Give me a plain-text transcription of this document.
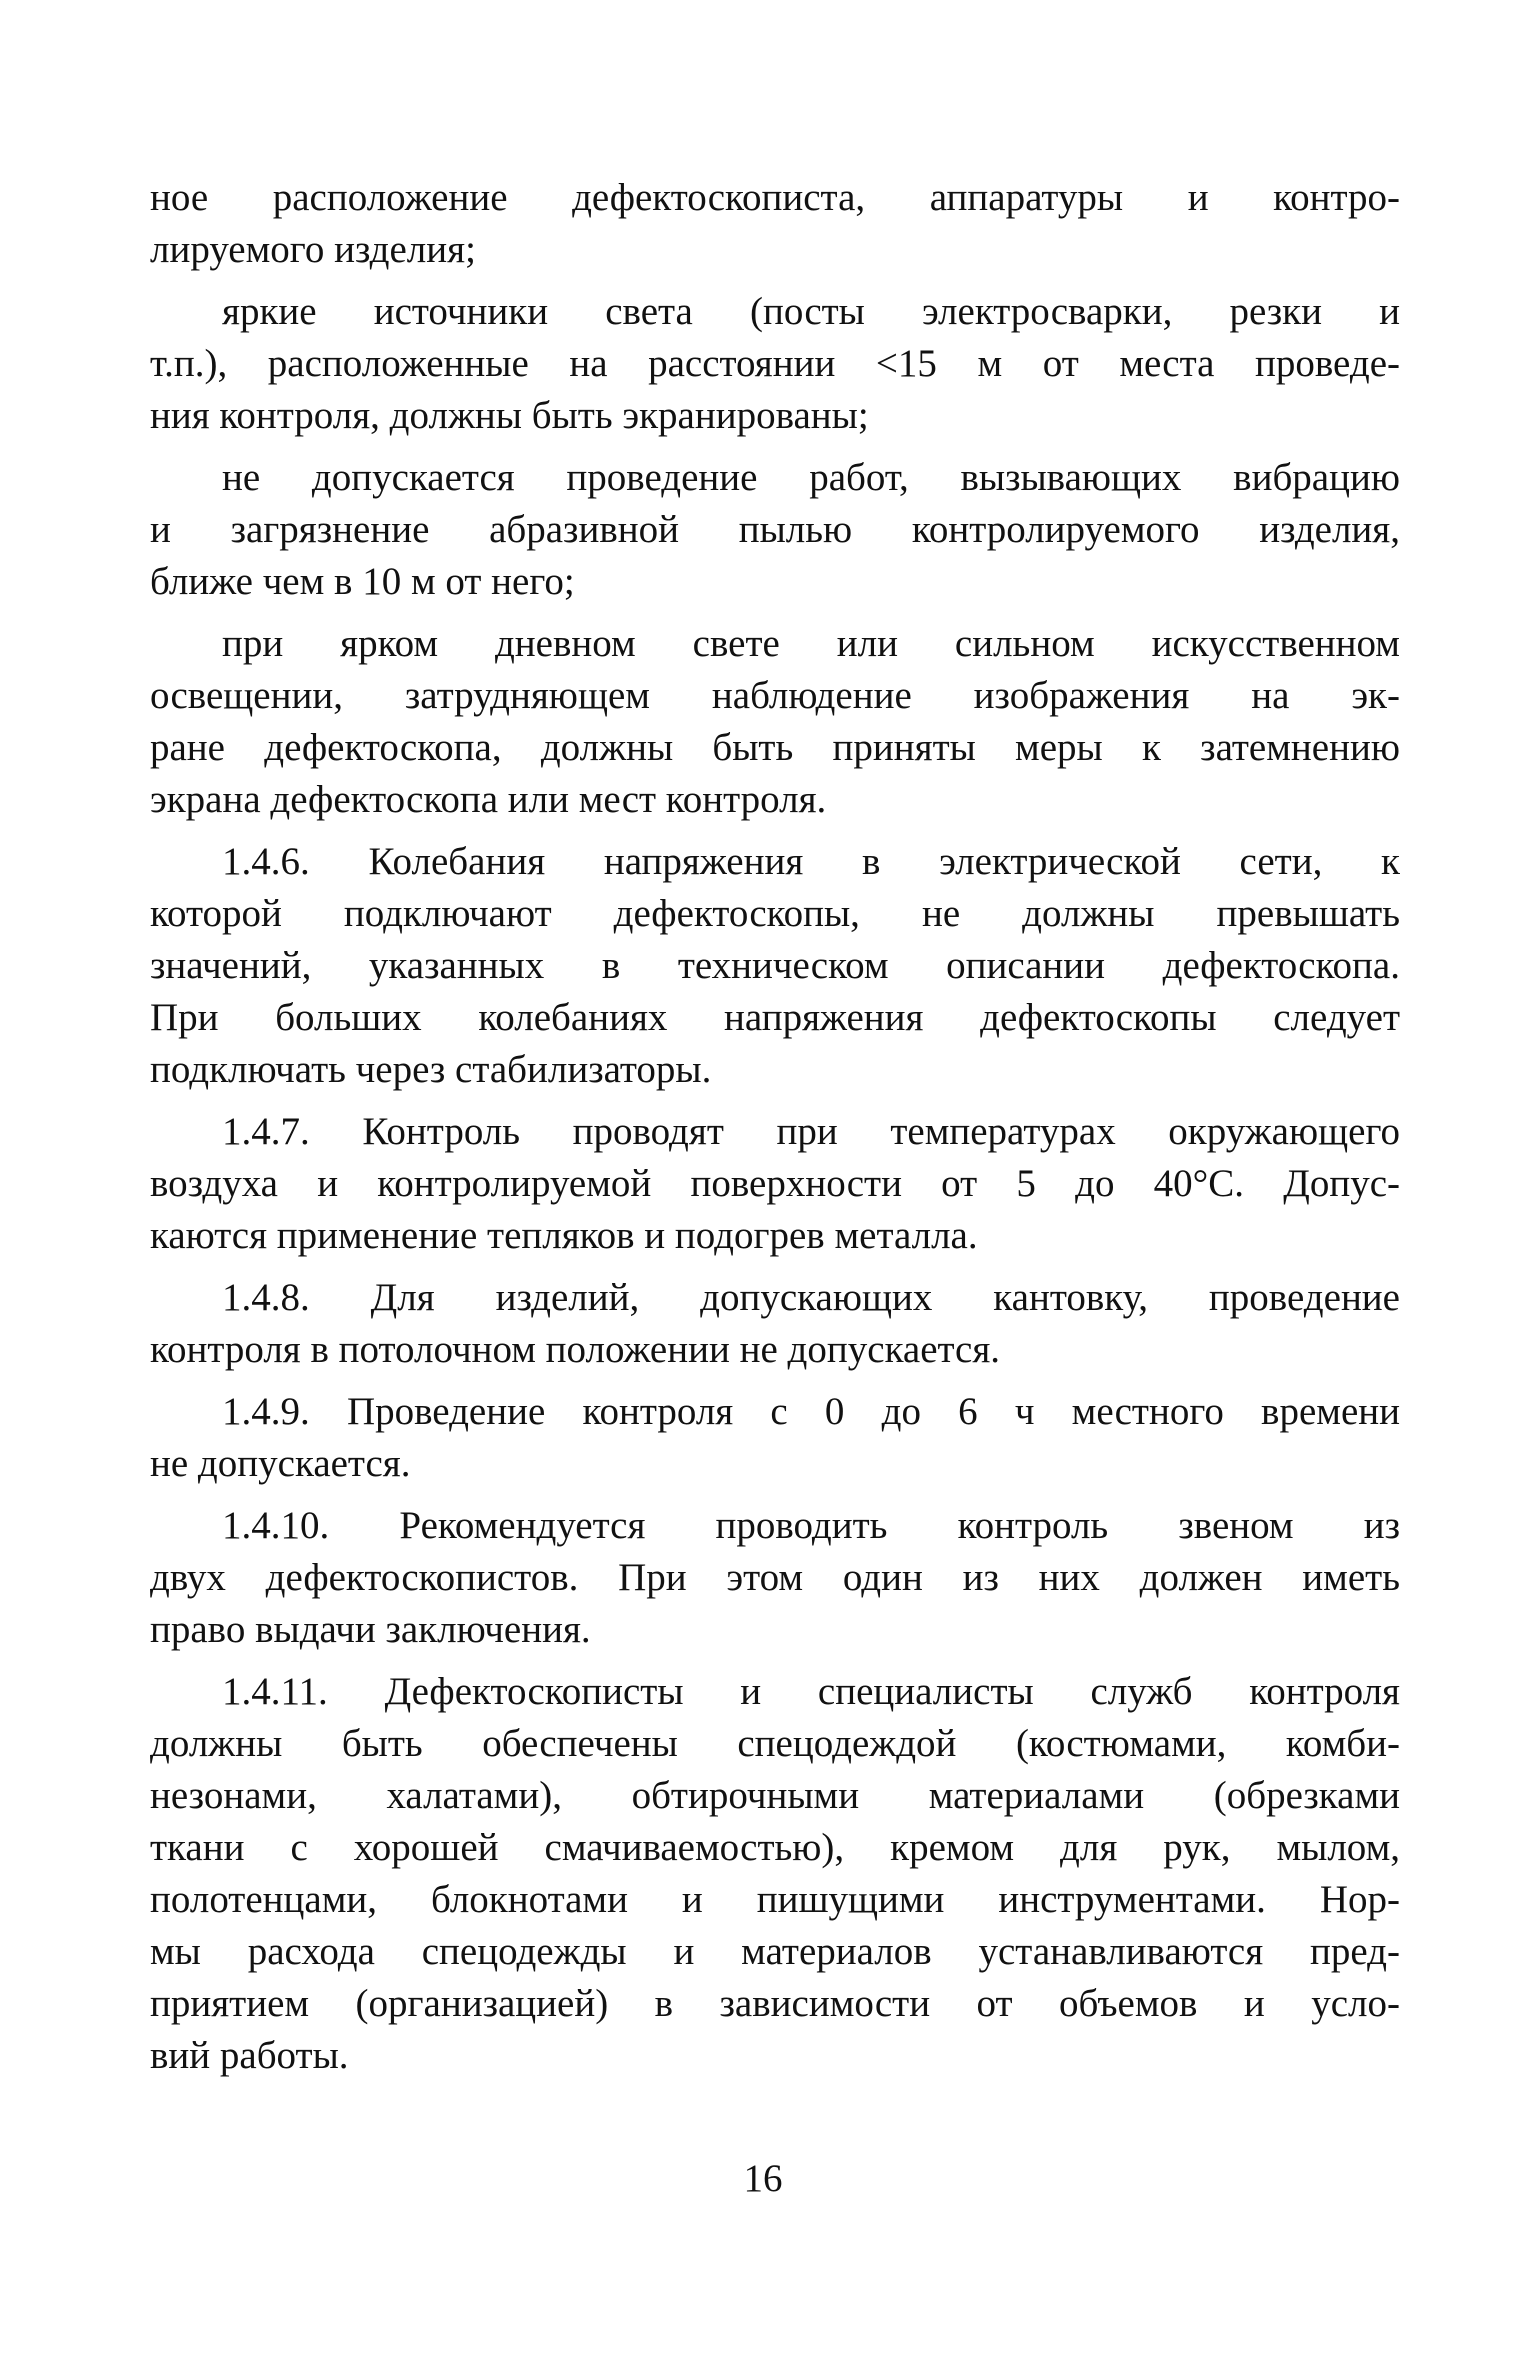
ное расположение дефектоскописта, аппаратуры и контро-
лируемого изделия;

яркие источники света (посты электросварки, резки и
т.п.), расположенные на расстоянии <15 м от места проведе-
ния контроля, должны быть экранированы;

не допускается проведение работ, вызывающих вибрацию
и загрязнение абразивной пылью контролируемого изделия,
ближе чем в 10 м от него;

при ярком дневном свете или сильном искусственном
освещении, затрудняющем наблюдение изображения на эк-
ране дефектоскопа, должны быть приняты меры к затемнению
экрана дефектоскопа или мест контроля.

1.4.6. Колебания напряжения в электрической сети, к
которой подключают дефектоскопы, не должны превышать
значений, указанных в техническом описании дефектоскопа.
При больших колебаниях напряжения дефектоскопы следует
подключать через стабилизаторы.

1.4.7. Контроль проводят при температурах окружающего
воздуха и контролируемой поверхности от 5 до 40°С. Допус-
каются применение тепляков и подогрев металла.

1.4.8. Для изделий, допускающих кантовку, проведение
контроля в потолочном положении не допускается.

1.4.9. Проведение контроля с 0 до 6 ч местного времени
не допускается.

1.4.10. Рекомендуется проводить контроль звеном из
двух дефектоскопистов. При этом один из них должен иметь
право выдачи заключения.

1.4.11. Дефектоскописты и специалисты служб контроля
должны быть обеспечены спецодеждой (костюмами, комби-
незонами, халатами), обтирочными материалами (обрезками
ткани с хорошей смачиваемостью), кремом для рук, мылом,
полотенцами, блокнотами и пишущими инструментами. Нор-
мы расхода спецодежды и материалов устанавливаются пред-
приятием (организацией) в зависимости от объемов и усло-
вий работы.

16
